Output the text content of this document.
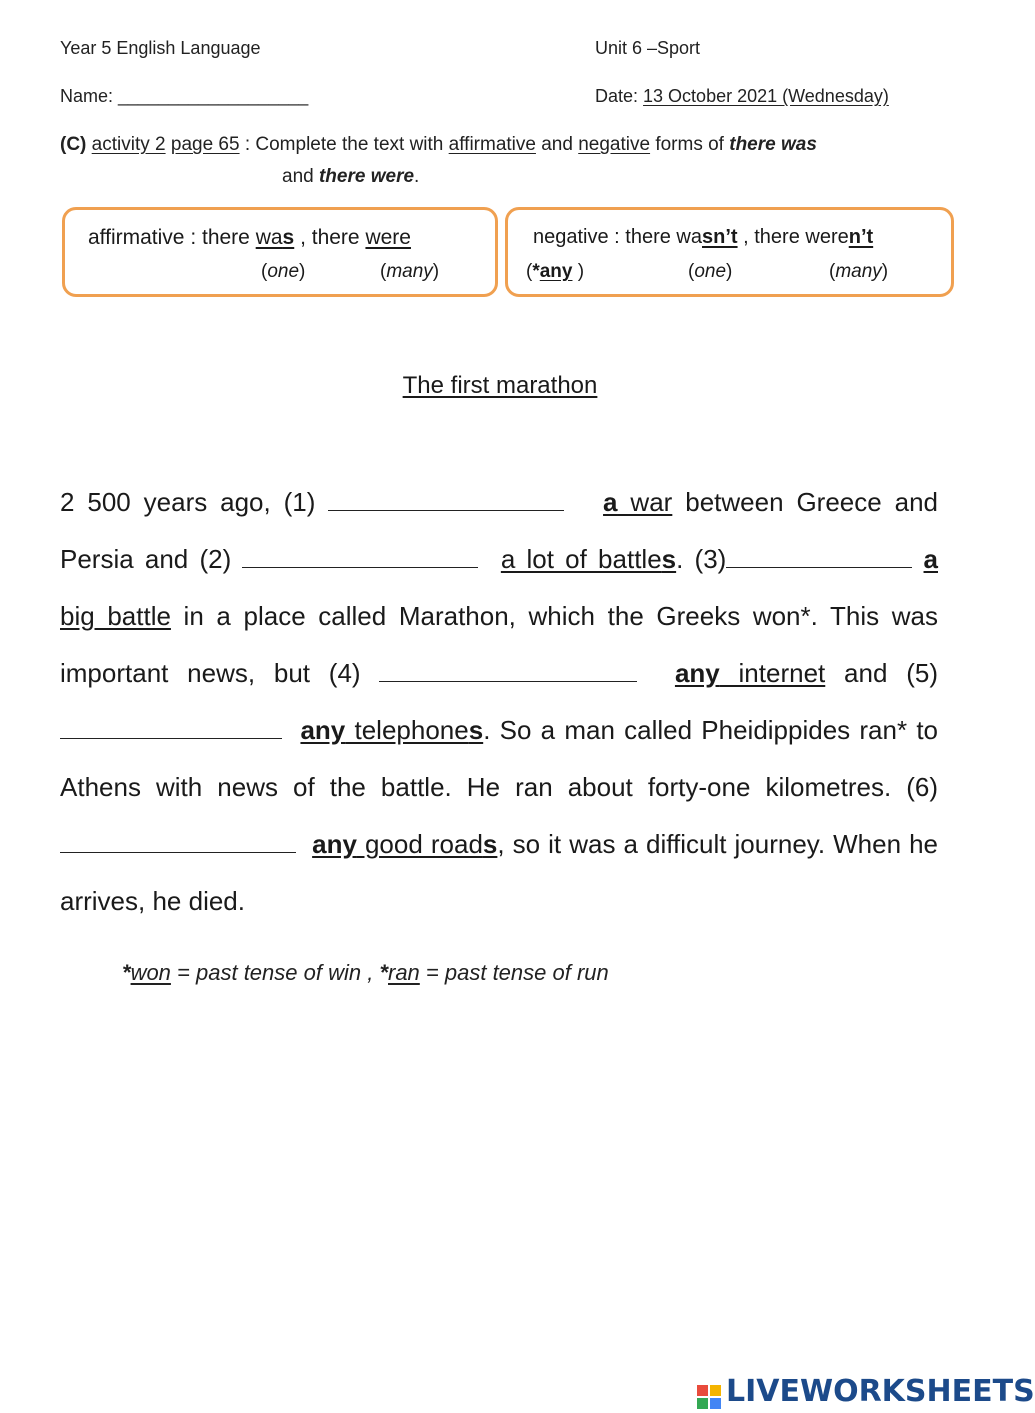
Year 5 English Language	Unit 6 –Sport
Name: ___________________	Date: 13 October 2021 (Wednesday)
(C) activity 2 page 65 : Complete the text with affirmative and negative forms of there was
and there were.
affirmative : there was , there were
(one)	(many)
negative : there wasn’t , there weren’t
(*any )	(one)	(many)
The first marathon
2 500 years ago, (1)	a war between Greece and Persia and (2)	a lot of battles. (3)	a big battle in a place called Marathon, which the Greeks won*. This was important news, but (4)	any internet and (5)   any telephones. So a man called Pheidippides ran* to Athens with news of the battle. He ran about forty-one kilometres. (6)  any good roads, so it was a difficult journey. When he arrives, he died.
*won = past tense of win , *ran = past tense of run
LIVEWORKSHEETS
